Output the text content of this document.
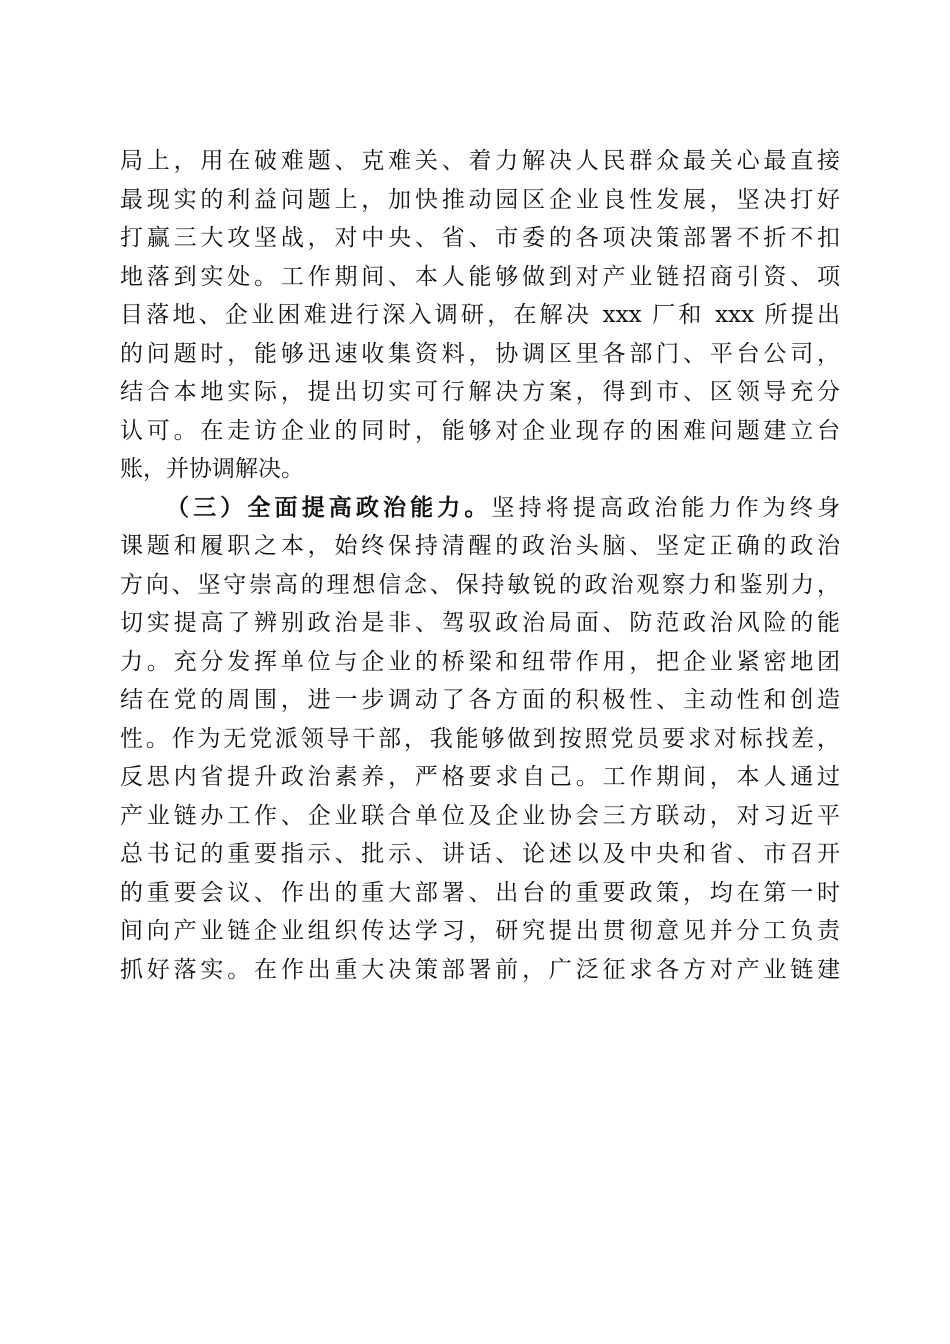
局上，用在破难题、克难关、着力解决人民群众最关心最直接
最现实的利益问题上，加快推动园区企业良性发展，坚决打好
打赢三大攻坚战，对中央、省、市委的各项决策部署不折不扣
地落到实处。工作期间、本人能够做到对产业链招商引资、项
目落地、企业困难进行深入调研，在解决 xxx 厂和 xxx 所提出
的问题时，能够迅速收集资料，协调区里各部门、平台公司，
结合本地实际，提出切实可行解决方案，得到市、区领导充分
认可。在走访企业的同时，能够对企业现存的困难问题建立台
账，并协调解决。
（三）全面提高政治能力。坚持将提高政治能力作为终身
课题和履职之本，始终保持清醒的政治头脑、坚定正确的政治
方向、坚守崇高的理想信念、保持敏锐的政治观察力和鉴别力，
切实提高了辨别政治是非、驾驭政治局面、防范政治风险的能
力。充分发挥单位与企业的桥梁和纽带作用，把企业紧密地团
结在党的周围，进一步调动了各方面的积极性、主动性和创造
性。作为无党派领导干部，我能够做到按照党员要求对标找差，
反思内省提升政治素养，严格要求自己。工作期间，本人通过
产业链办工作、企业联合单位及企业协会三方联动，对习近平
总书记的重要指示、批示、讲话、论述以及中央和省、市召开
的重要会议、作出的重大部署、出台的重要政策，均在第一时
间向产业链企业组织传达学习，研究提出贯彻意见并分工负责
抓好落实。在作出重大决策部署前，广泛征求各方对产业链建
